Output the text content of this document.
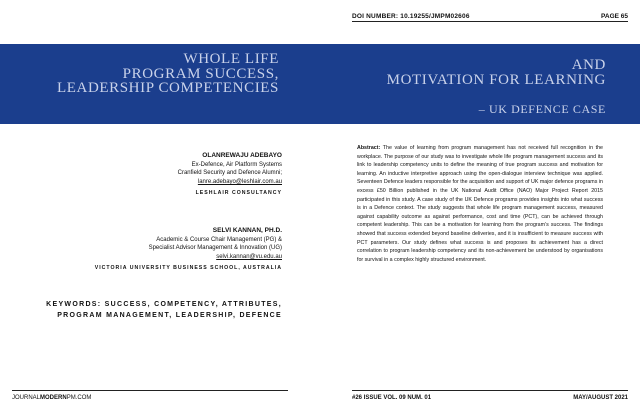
DOI NUMBER: 10.19255/JMPM02606	PAGE 65
WHOLE LIFE
PROGRAM SUCCESS,
LEADERSHIP COMPETENCIES
AND
MOTIVATION FOR LEARNING
– UK DEFENCE CASE
OLANREWAJU ADEBAYO
Ex-Defence, Air Platform Systems
Cranfield Security and Defence Alumni;
lanre.adebayo@leshlair.com.au
LESHLAIR CONSULTANCY
SELVI KANNAN, PH.D.
Academic & Course Chair Management (PG) &
Specialist Advisor Management & Innovation (UG)
selvi.kannan@vu.edu.au
VICTORIA UNIVERSITY BUSINESS SCHOOL, AUSTRALIA
KEYWORDS: SUCCESS, COMPETENCY, ATTRIBUTES, PROGRAM MANAGEMENT, LEADERSHIP, DEFENCE
Abstract: The value of learning from program management has not received full recognition in the workplace. The purpose of our study was to investigate whole life program management success and its link to leadership competency units to define the meaning of true program success and motivation for learning. An inductive interpretive approach using the open-dialogue interview technique was applied. Seventeen Defence leaders responsible for the acquisition and support of UK major defence programs in excess £50 Billion published in the UK National Audit Office (NAO) Major Project Report 2015 participated in this study. A case study of the UK Defence programs provides insights into what success is in a Defence context. The study suggests that whole life program management success, measured against capability outcome as against performance, cost and time (PCT), can be achieved through competent leadership. This can be a motivation for learning from the program’s success. The findings showed that success extended beyond baseline deliveries, and it is insufficient to measure success with PCT parameters. Our study defines what success is and proposes its achievement has a direct correlation to program leadership competency and its non-achievement be understood by organisations for survival in a complex highly structured environment.
JOURNALMODERNPM.COM	#26 ISSUE VOL. 09 NUM. 01	MAY/AUGUST 2021
